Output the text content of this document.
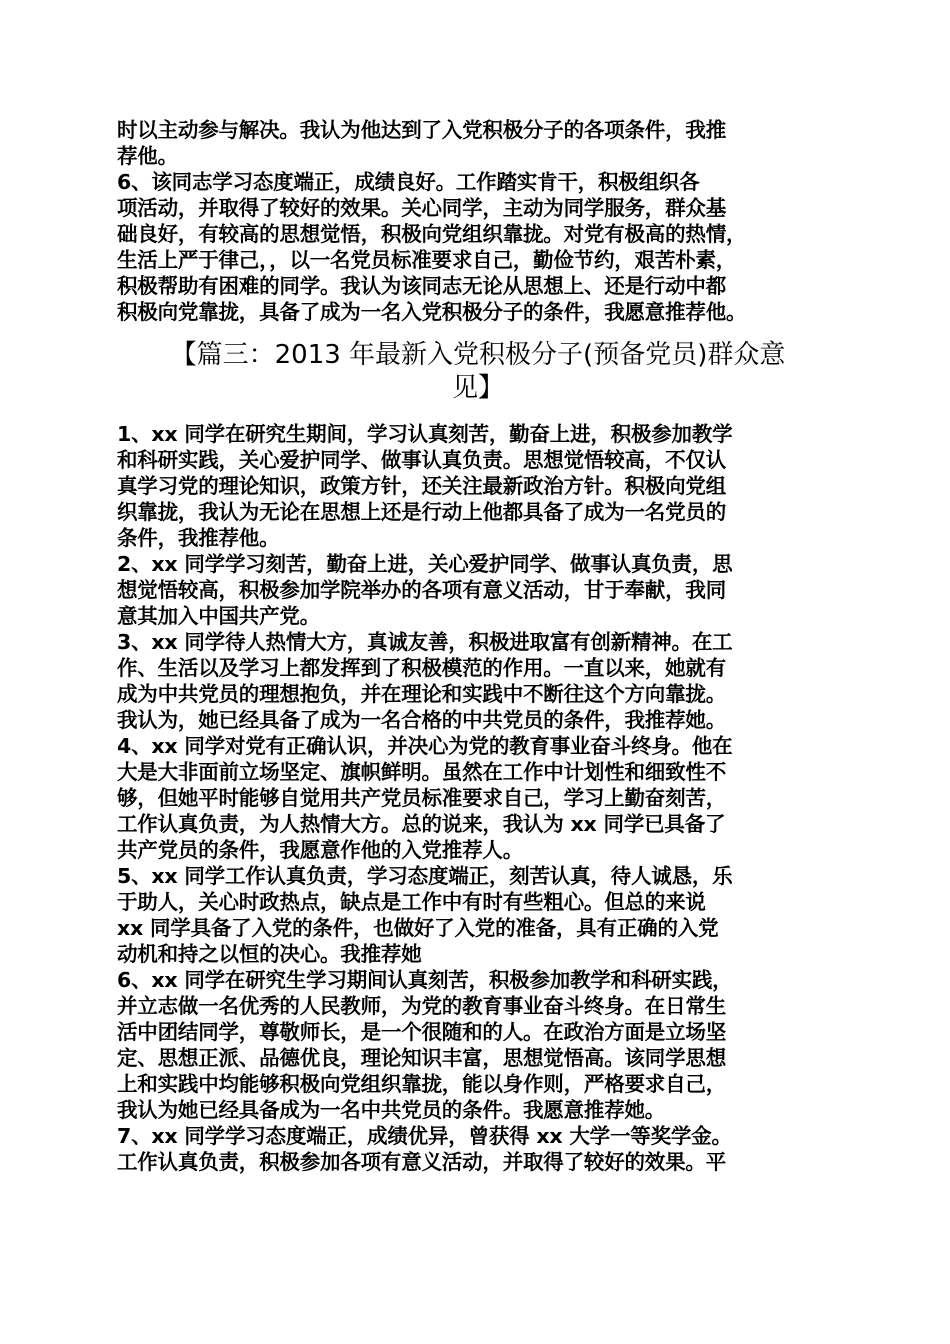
时以主动参与解决。我认为他达到了入党积极分子的各项条件，我推
荐他。
6、该同志学习态度端正，成绩良好。工作踏实肯干，积极组织各
项活动，并取得了较好的效果。关心同学，主动为同学服务，群众基
础良好，有较高的思想觉悟，积极向党组织靠拢。对党有极高的热情，
生活上严于律己，，以一名党员标准要求自己，勤俭节约，艰苦朴素，
积极帮助有困难的同学。我认为该同志无论从思想上、还是行动中都
积极向党靠拢，具备了成为一名入党积极分子的条件，我愿意推荐他。
【篇三：2013 年最新入党积极分子(预备党员)群众意
见】
1、xx 同学在研究生期间，学习认真刻苦，勤奋上进，积极参加教学
和科研实践，关心爱护同学、做事认真负责。思想觉悟较高，不仅认
真学习党的理论知识，政策方针，还关注最新政治方针。积极向党组
织靠拢，我认为无论在思想上还是行动上他都具备了成为一名党员的
条件，我推荐他。
2、xx 同学学习刻苦，勤奋上进，关心爱护同学、做事认真负责，思
想觉悟较高，积极参加学院举办的各项有意义活动，甘于奉献，我同
意其加入中国共产党。
3、xx 同学待人热情大方，真诚友善，积极进取富有创新精神。在工
作、生活以及学习上都发挥到了积极模范的作用。一直以来，她就有
成为中共党员的理想抱负，并在理论和实践中不断往这个方向靠拢。
我认为，她已经具备了成为一名合格的中共党员的条件，我推荐她。
4、xx 同学对党有正确认识，并决心为党的教育事业奋斗终身。他在
大是大非面前立场坚定、旗帜鲜明。虽然在工作中计划性和细致性不
够，但她平时能够自觉用共产党员标准要求自己，学习上勤奋刻苦，
工作认真负责，为人热情大方。总的说来，我认为 xx 同学已具备了
共产党员的条件，我愿意作他的入党推荐人。
5、xx 同学工作认真负责，学习态度端正，刻苦认真，待人诚恳，乐
于助人，关心时政热点，缺点是工作中有时有些粗心。但总的来说
xx 同学具备了入党的条件，也做好了入党的准备，具有正确的入党
动机和持之以恒的决心。我推荐她
6、xx 同学在研究生学习期间认真刻苦，积极参加教学和科研实践，
并立志做一名优秀的人民教师，为党的教育事业奋斗终身。在日常生
活中团结同学，尊敬师长，是一个很随和的人。在政治方面是立场坚
定、思想正派、品德优良，理论知识丰富，思想觉悟高。该同学思想
上和实践中均能够积极向党组织靠拢，能以身作则，严格要求自己，
我认为她已经具备成为一名中共党员的条件。我愿意推荐她。
7、xx 同学学习态度端正，成绩优异，曾获得 xx 大学一等奖学金。
工作认真负责，积极参加各项有意义活动，并取得了较好的效果。平
